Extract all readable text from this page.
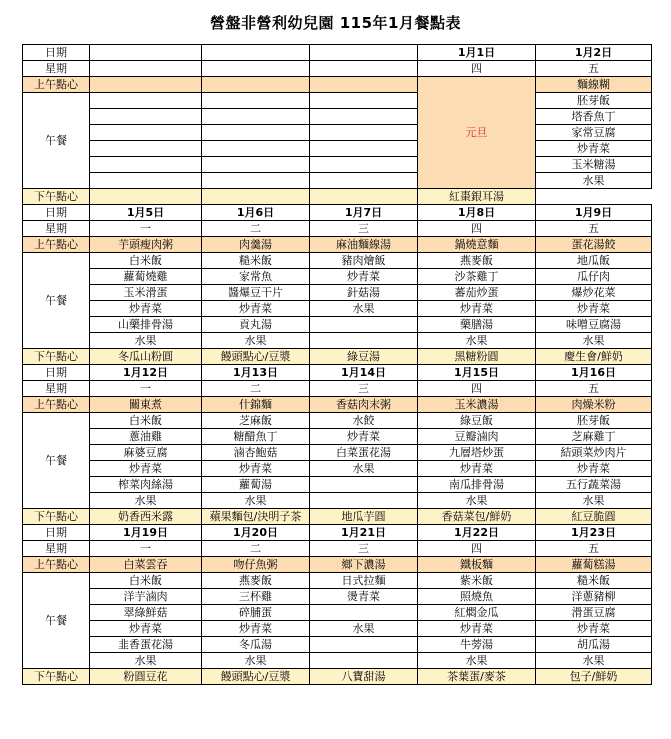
營盤非營利幼兒園 115年1月餐點表
日期				1月1日	1月2日
星期				四	五
上午點心				元旦	麵線糊
午餐					胚芽飯
					塔香魚丁
					家常豆腐
					炒青菜
					玉米糖湯
					水果
下午點心				紅棗銀耳湯	
日期	1月5日	1月6日	1月7日	1月8日	1月9日
星期	一	二	三	四	五
上午點心	芋頭瘦肉粥	肉羹湯	麻油麵線湯	鍋燒意麵	蛋花湯餃
午餐	白米飯	糙米飯	豬肉燴飯	燕麥飯	地瓜飯
	蘿蔔燒雞	家常魚	炒青菜	沙茶雞丁	瓜仔肉
	玉米滑蛋	醬爆豆干片	針菇湯	蕃茄炒蛋	爆炒花菜
	炒青菜	炒青菜	水果	炒青菜	炒青菜
	山藥排骨湯	貢丸湯		藥膳湯	味噌豆腐湯
	水果	水果		水果	水果
下午點心	冬瓜山粉圓	饅頭點心/豆漿	綠豆湯	黑糖粉圓	慶生會/鮮奶
日期	1月12日	1月13日	1月14日	1月15日	1月16日
星期	一	二	三	四	五
上午點心	關東煮	什錦麵	香菇肉末粥	玉米濃湯	肉燥米粉
午餐	白米飯	芝麻飯	水餃	綠豆飯	胚芽飯
	蔥油雞	糖醋魚丁	炒青菜	豆瓣滷肉	芝麻雞丁
	麻婆豆腐	滷杏鮑菇	白菜蛋花湯	九層塔炒蛋	結頭菜炒肉片
	炒青菜	炒青菜	水果	炒青菜	炒青菜
	榨菜肉絲湯	蘿蔔湯		南瓜排骨湯	五行蔬菜湯
	水果	水果		水果	水果
下午點心	奶香西米露	蘋果麵包/決明子茶	地瓜芋圓	香菇菜包/鮮奶	紅豆脆圓
日期	1月19日	1月20日	1月21日	1月22日	1月23日
星期	一	二	三	四	五
上午點心	白菜雲吞	吻仔魚粥	鄉下濃湯	鐵板麵	蘿蔔糕湯
午餐	白米飯	燕麥飯	日式拉麵	紫米飯	糙米飯
	洋芋滷肉	三杯雞	燙青菜	照燒魚	洋蔥豬柳
	翠綠鮮菇	碎脯蛋		紅燜金瓜	滑蛋豆腐
	炒青菜	炒青菜	水果	炒青菜	炒青菜
	韭香蛋花湯	冬瓜湯		牛蒡湯	胡瓜湯
	水果	水果		水果	水果
下午點心	粉圓豆花	饅頭點心/豆漿	八寶甜湯	茶葉蛋/麥茶	包子/鮮奶
